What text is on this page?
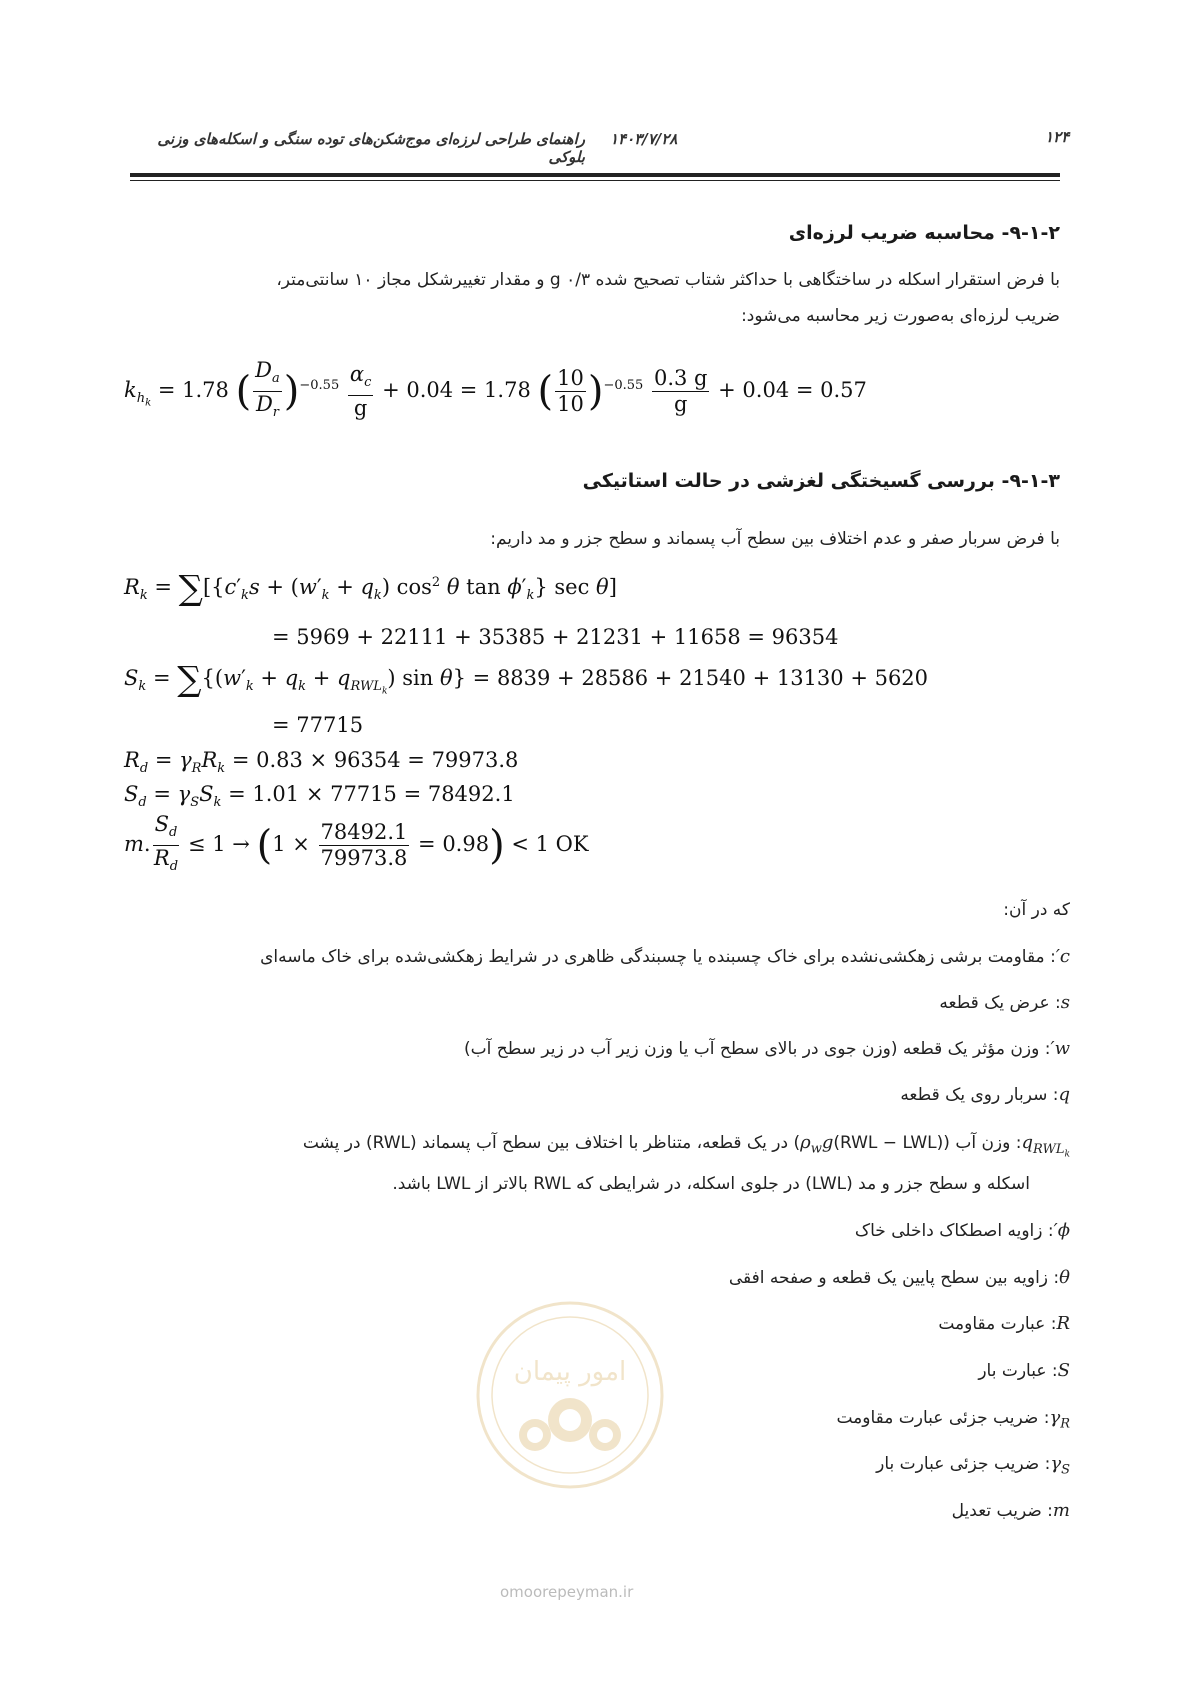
۱۲۴
راهنمای طراحی لرزه‌ای موج‌شکن‌های توده سنگی و اسکله‌های وزنی بلوکی
۱۴۰۳/۷/۲۸
۹-۱-۲- محاسبه ضریب لرزه‌ای
با فرض استقرار اسکله در ساختگاهی با حداکثر شتاب تصحیح شده g ۰/۳ و مقدار تغییرشکل مجاز ۱۰ سانتی‌متر،
ضریب لرزه‌ای به‌صورت زیر محاسبه می‌شود:
$k_{h_k} = 1.78$ ( $\frac{D_a}{D_r} )^{-0.55} \frac{\alpha_c}{g} + 0.04 = 1.78$ ( $\frac{10}{10} )^{-0.55} \frac{0.3 g}{g} + 0.04 = 0.57$
۹-۱-۳- بررسی گسیختگی لغزشی در حالت استاتیکی
با فرض سربار صفر و عدم اختلاف بین سطح آب پسماند و سطح جزر و مد داریم:
$R_k = \sum[\{c'_ks + (w'_k + q_k)$ $\cos^2 \theta$ $\tan \phi'_k$} sec θ]
= 5969 + 22111 + 35385 + 21231 + 11658 = 96354
$S_k = \sum\{(w'_k + q_k + q_{RWL_k})$ sin θ} = 8839 + 28586 + 21540 + 13130 + 5620
= 77715
$R_d = \gamma_RR_k = 0.83 \times 96354 = 79973.8$
$S_d = \gamma_SS_k = 1.01 \times 77715 = 78492.1$
m. $\frac{S_d}{R_d} \le 1 \to (1 \times \frac{78492.1}{79973.8} = 0.98) < 1$ OK
که در آن:
c′: مقاومت برشی زهکشی‌نشده برای خاک چسبنده یا چسبندگی ظاهری در شرایط زهکشی‌شده برای خاک ماسه‌ای
s: عرض یک قطعه
w′: وزن مؤثر یک قطعه (وزن جوی در بالای سطح آب یا وزن زیر آب در زیر سطح آب)
q: سربار روی یک قطعه
$q_{RWL_k}$: وزن آب $(\rho_wg(RWL - LWL))$ در یک قطعه، متناظر با اختلاف بین سطح آب پسماند (RWL) در پشت
اسکله و سطح جزر و مد (LWL) در جلوی اسکله، در شرایطی که RWL بالاتر از LWL باشد.
ϕ′: زاویه اصطکاک داخلی خاک
θ: زاویه بین سطح پایین یک قطعه و صفحه افقی
R: عبارت مقاومت
S: عبارت بار
$\gamma_R$: ضریب جزئی عبارت مقاومت
$\gamma_S$: ضریب جزئی عبارت بار
m: ضریب تعدیل
امور پیمان
omoorepeyman.ir
